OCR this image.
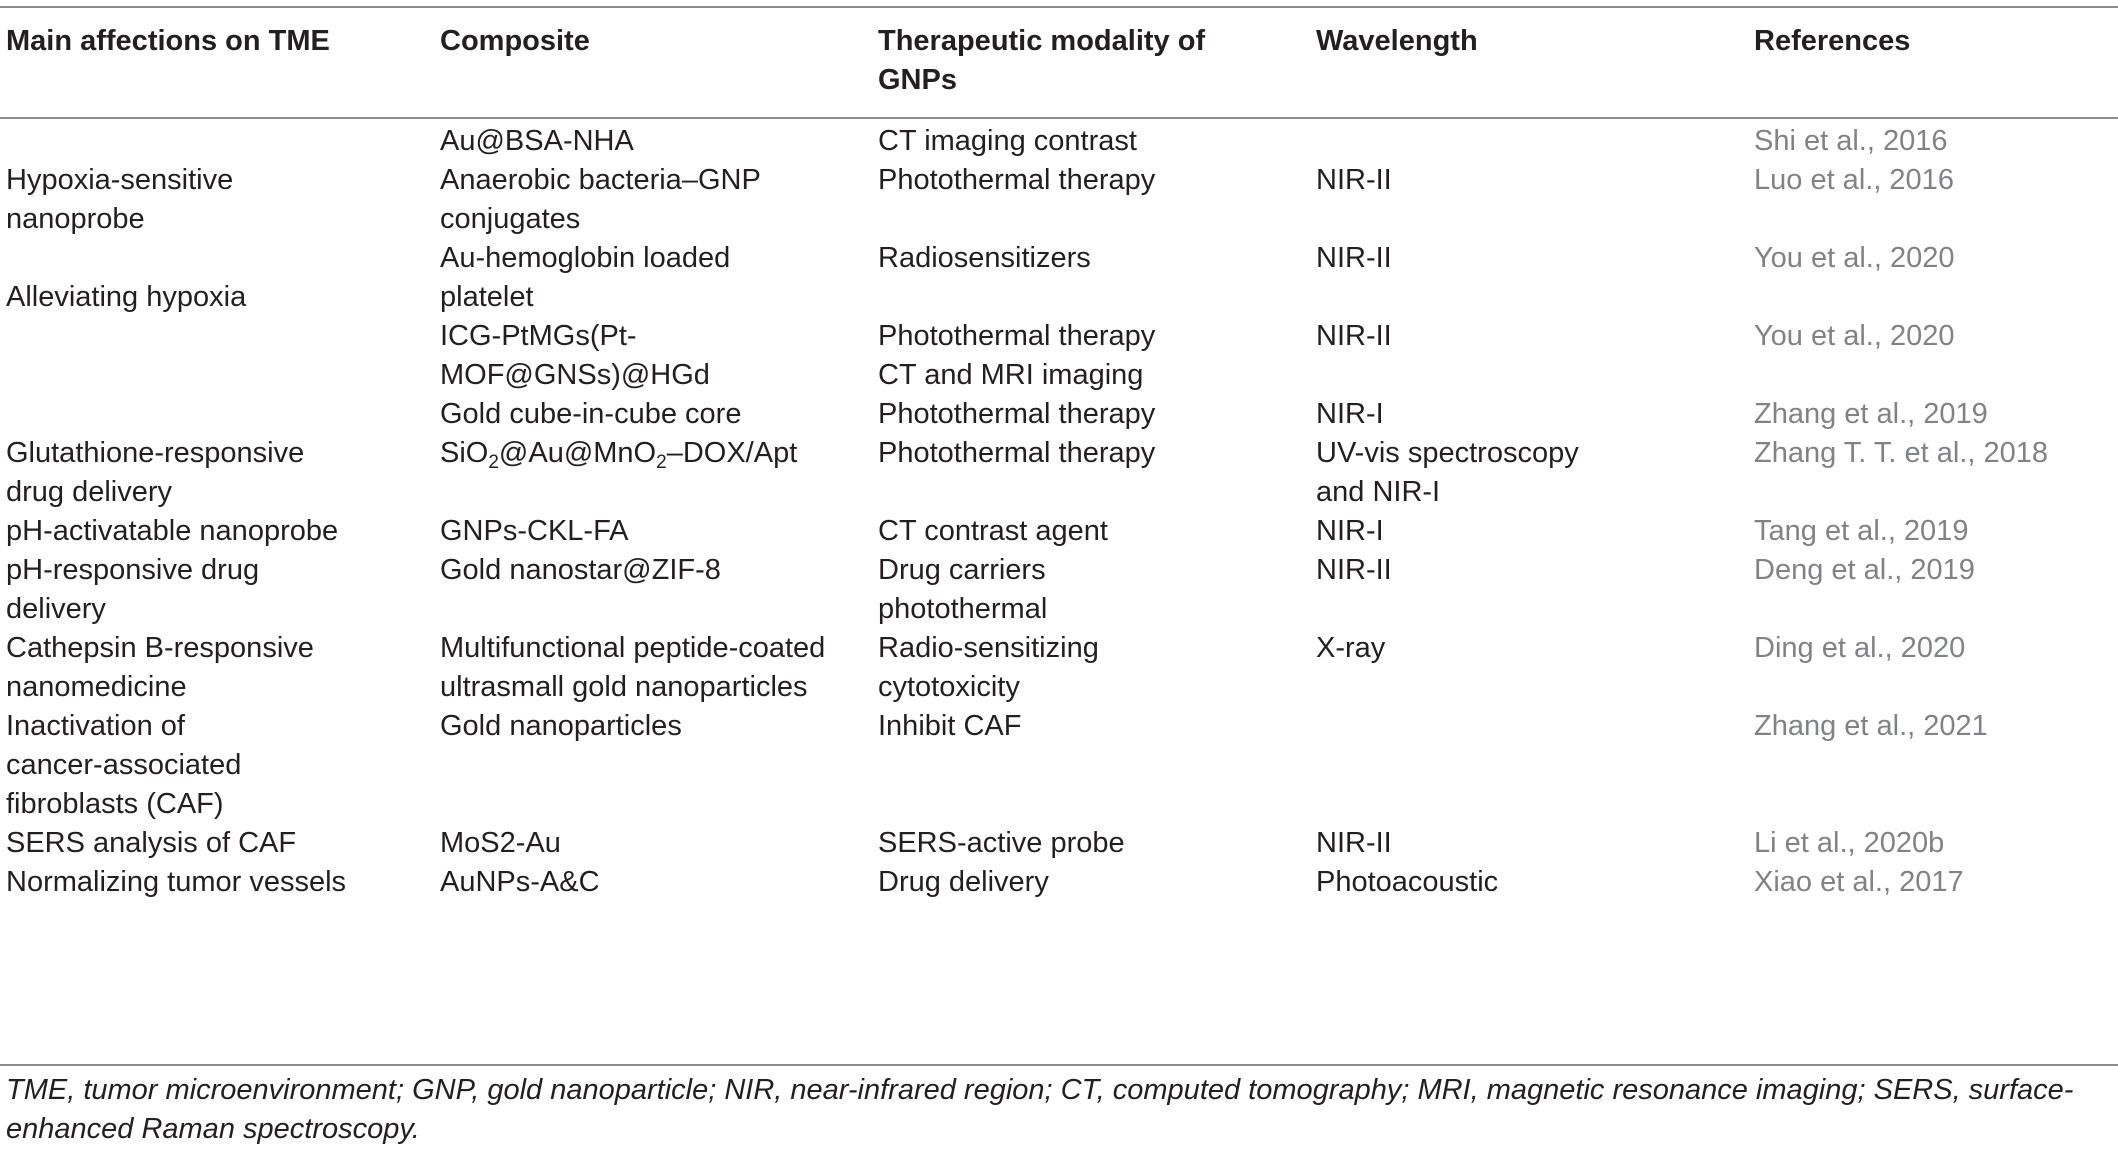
Main affections on TME	Composite	Therapeutic modality of GNPs	Wavelength	References
	Au@BSA-NHA	CT imaging contrast		Shi et al., 2016
Hypoxia-sensitive nanoprobe	Anaerobic bacteria–GNP conjugates	Photothermal therapy	NIR-II	Luo et al., 2016
Alleviating hypoxia	Au-hemoglobin loaded platelet	Radiosensitizers	NIR-II	You et al., 2020
	ICG-PtMGs(Pt-MOF@GNSs)@HGd	Photothermal therapy CT and MRI imaging	NIR-II	You et al., 2020
	Gold cube-in-cube core	Photothermal therapy	NIR-I	Zhang et al., 2019
Glutathione-responsive drug delivery	SiO$_2$@Au@MnO$_2$–DOX/Apt	Photothermal therapy	UV-vis spectroscopy and NIR-I	Zhang T. T. et al., 2018
pH-activatable nanoprobe	GNPs-CKL-FA	CT contrast agent	NIR-I	Tang et al., 2019
pH-responsive drug delivery	Gold nanostar@ZIF-8	Drug carriers photothermal	NIR-II	Deng et al., 2019
Cathepsin B-responsive nanomedicine	Multifunctional peptide-coated ultrasmall gold nanoparticles	Radio-sensitizing cytotoxicity	X-ray	Ding et al., 2020
Inactivation of cancer-associated fibroblasts (CAF)	Gold nanoparticles	Inhibit CAF		Zhang et al., 2021
SERS analysis of CAF	MoS2-Au	SERS-active probe	NIR-II	Li et al., 2020b
Normalizing tumor vessels	AuNPs-A&C	Drug delivery	Photoacoustic	Xiao et al., 2017
TME, tumor microenvironment; GNP, gold nanoparticle; NIR, near-infrared region; CT, computed tomography; MRI, magnetic resonance imaging; SERS, surface-enhanced Raman spectroscopy.
